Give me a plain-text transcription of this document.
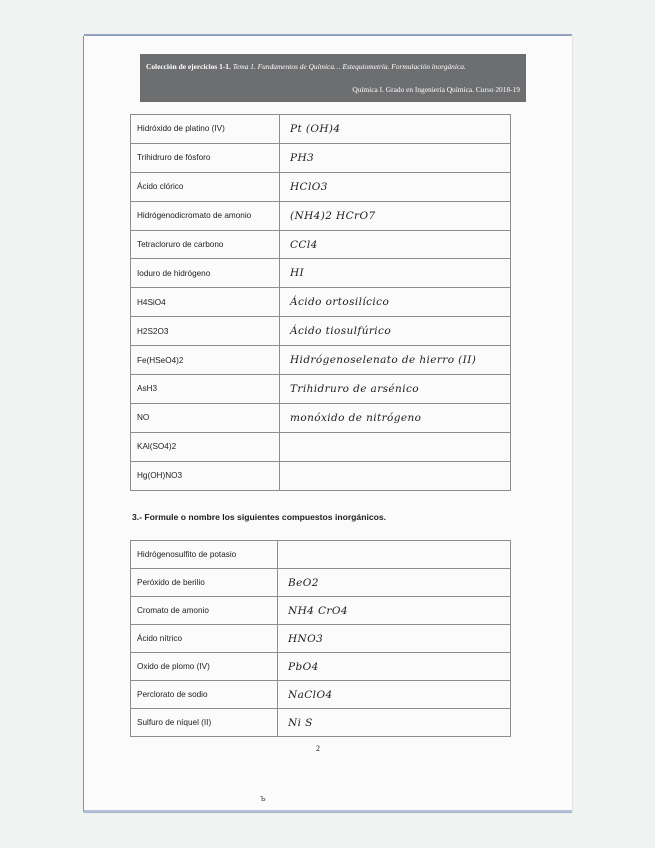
Colección de ejercicios 1-1. Tema 1. Fundamentos de Química… Estequiometría. Formulación inorgánica.
Química I. Grado en Ingeniería Química. Curso 2018-19
Hidróxido de platino (IV)	Pt (OH)4
Trihidruro de fósforo	PH3
Ácido clórico	HClO3
Hidrógenodicromato de amonio	(NH4)2 HCrO7
Tetracloruro de carbono	CCl4
Ioduro de hidrógeno	HI
H4SiO4	Ácido ortosilícico
H2S2O3	Ácido tiosulfúrico
Fe(HSeO4)2	Hidrógenoselenato de hierro (II)
AsH3	Trihidruro de arsénico
NO	monóxido de nitrógeno
KAl(SO4)2	
Hg(OH)NO3	
3.- Formule o nombre los siguientes compuestos inorgánicos.
Hidrógenosulfito de potasio	
Peróxido de berilio	BeO2
Cromato de amonio	NH4 CrO4
Ácido nítrico	HNO3
Oxido de plomo (IV)	PbO4
Perclorato de sodio	NaClO4
Sulfuro de níquel (II)	Ni S
2
ъ
